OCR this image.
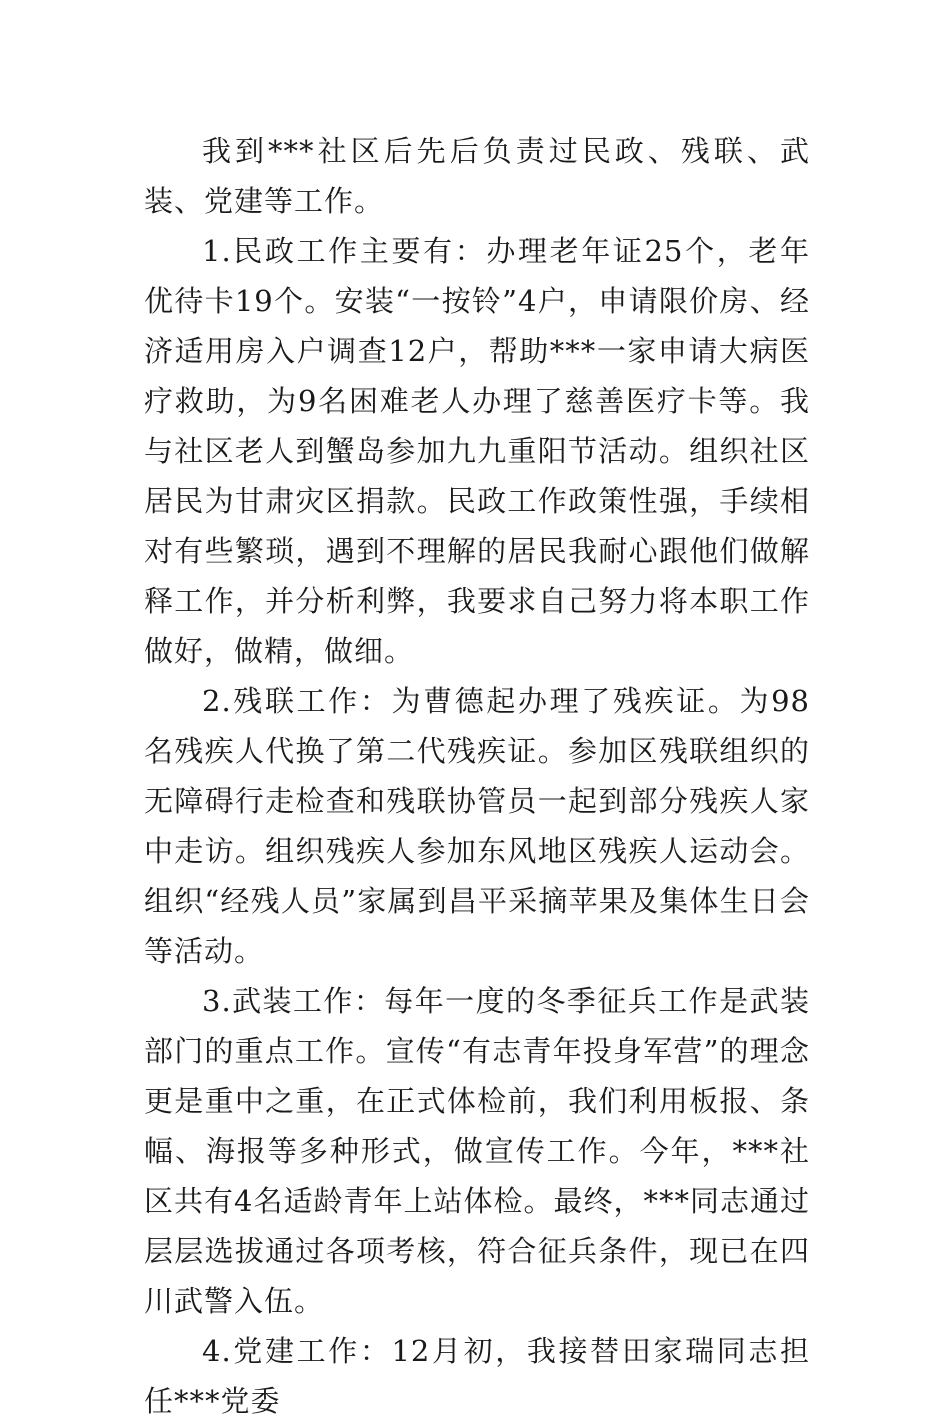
我到***社区后先后负责过民政、残联、武装、党建等工作。

1.民政工作主要有：办理老年证25个，老年优待卡19个。安装“一按铃”4户，申请限价房、经济适用房入户调查12户，帮助***一家申请大病医疗救助，为9名困难老人办理了慈善医疗卡等。我与社区老人到蟹岛参加九九重阳节活动。组织社区居民为甘肃灾区捐款。民政工作政策性强，手续相对有些繁琐，遇到不理解的居民我耐心跟他们做解释工作，并分析利弊，我要求自己努力将本职工作做好，做精，做细。

2.残联工作：为曹德起办理了残疾证。为98名残疾人代换了第二代残疾证。参加区残联组织的无障碍行走检查和残联协管员一起到部分残疾人家中走访。组织残疾人参加东风地区残疾人运动会。组织“经残人员”家属到昌平采摘苹果及集体生日会等活动。

3.武装工作：每年一度的冬季征兵工作是武装部门的重点工作。宣传“有志青年投身军营”的理念更是重中之重，在正式体检前，我们利用板报、条幅、海报等多种形式，做宣传工作。今年，***社区共有4名适龄青年上站体检。最终，***同志通过层层选拔通过各项考核，符合征兵条件，现已在四川武警入伍。

4.党建工作：12月初，我接替田家瑞同志担任***党委
